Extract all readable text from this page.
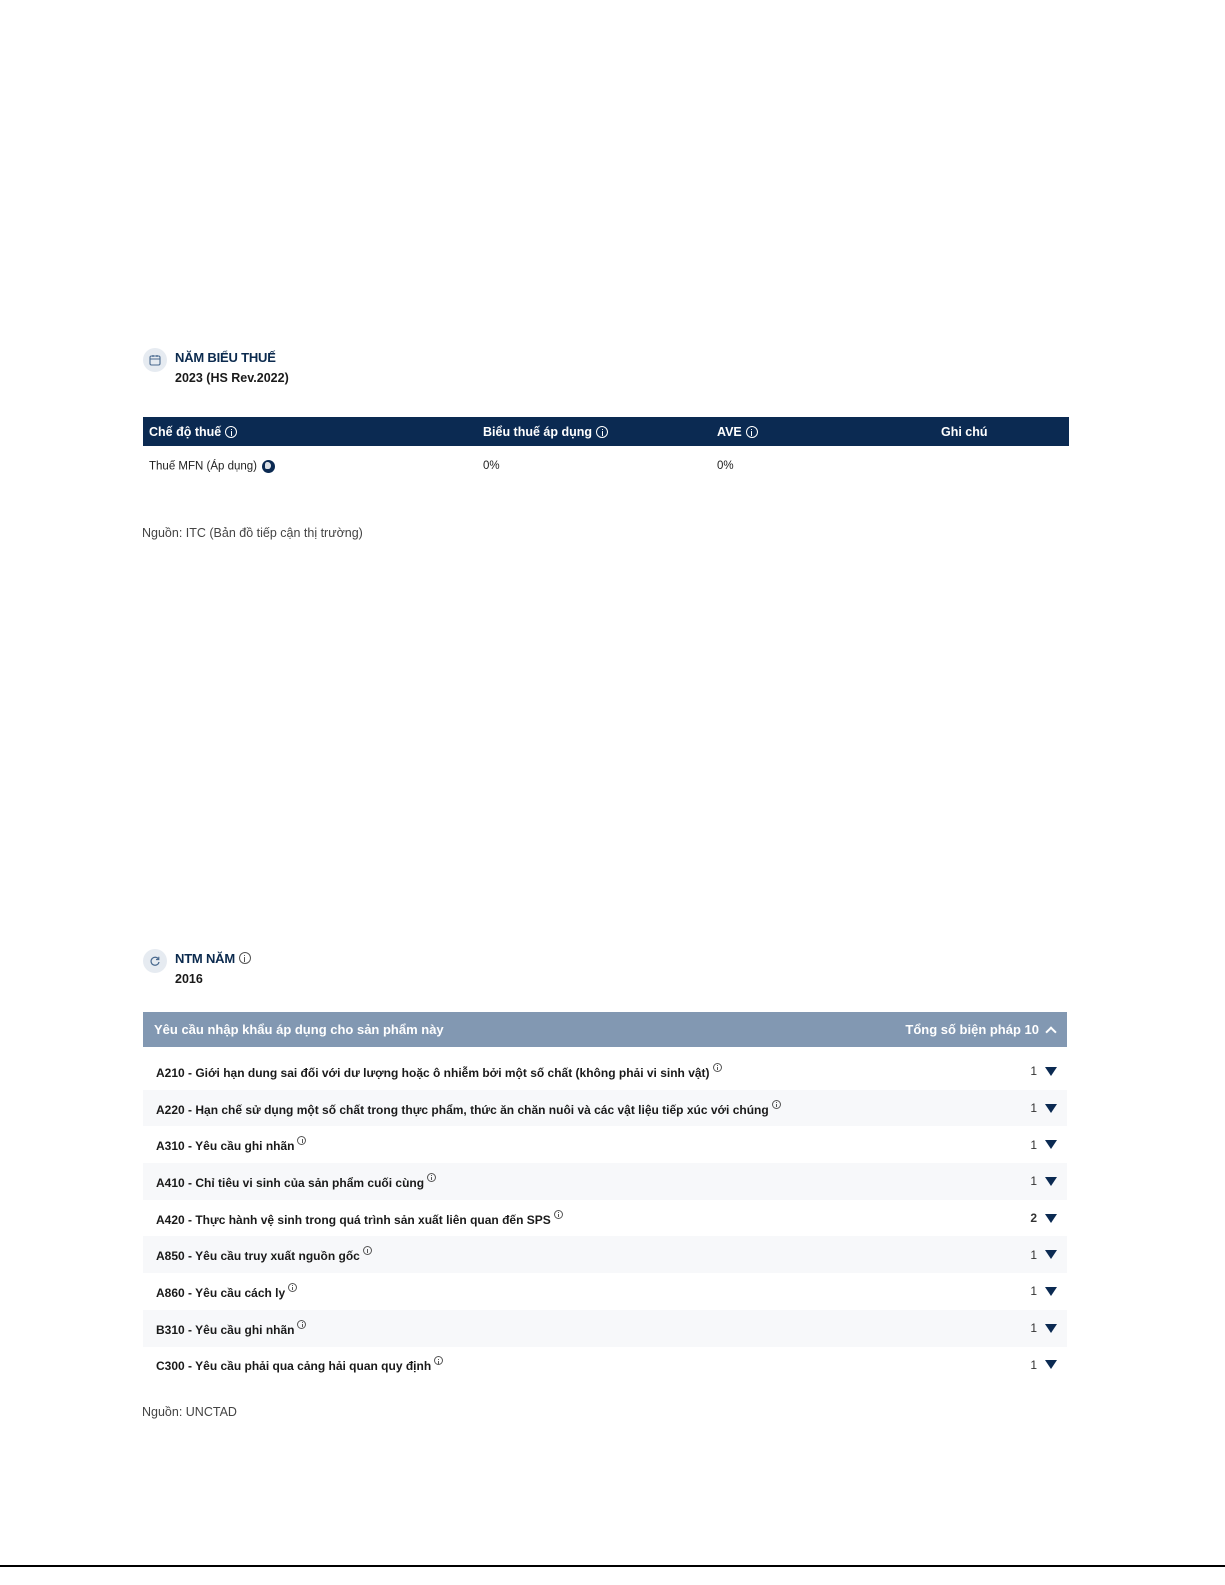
NĂM BIỂU THUẾ
2023 (HS Rev.2022)
Chế độ thuế	Biểu thuế áp dụng	AVE	Ghi chú
Thuế MFN (Áp dụng)	0%	0%	
Nguồn: ITC (Bản đồ tiếp cận thị trường)
NTM NĂM
2016
Yêu cầu nhập khẩu áp dụng cho sản phẩm này	Tổng số biện pháp 10
A210 - Giới hạn dung sai đối với dư lượng hoặc ô nhiễm bởi một số chất (không phải vi sinh vật)	1
A220 - Hạn chế sử dụng một số chất trong thực phẩm, thức ăn chăn nuôi và các vật liệu tiếp xúc với chúng	1
A310 - Yêu cầu ghi nhãn	1
A410 - Chỉ tiêu vi sinh của sản phẩm cuối cùng	1
A420 - Thực hành vệ sinh trong quá trình sản xuất liên quan đến SPS	2
A850 - Yêu cầu truy xuất nguồn gốc	1
A860 - Yêu cầu cách ly	1
B310 - Yêu cầu ghi nhãn	1
C300 - Yêu cầu phải qua cảng hải quan quy định	1
Nguồn: UNCTAD
